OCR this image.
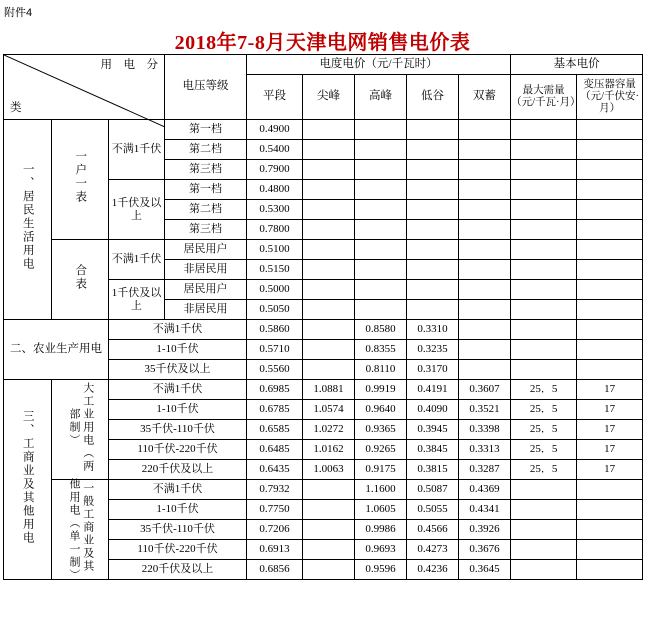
附件4
2018年7-8月天津电网销售电价表
用　电　分
类			电压等级	电度电价（元/千瓦时）					基本电价	
				平段	尖峰	高峰	低谷	双蓄	最大需量（元/千瓦·月）	变压器容量（元/千伏安·月）
一、居民生活用电	一户一表	不满1千伏	第一档	0.4900						
			第二档	0.5400						
			第三档	0.7900						
		1千伏及以上	第一档	0.4800						
			第二档	0.5300						
			第三档	0.7800						
	合表	不满1千伏	居民用户	0.5100						
			非居民用	0.5150						
		1千伏及以上	居民用户	0.5000						
			非居民用	0.5050						
二、农业生产用电		不满1千伏		0.5860		0.8580	0.3310			
		1-10千伏		0.5710		0.8355	0.3235			
		35千伏及以上		0.5560		0.8110	0.3170			
三、工商业及其他用电	大工业用电（两部制）	不满1千伏		0.6985	1.0881	0.9919	0.4191	0.3607	25．5	17
		1-10千伏		0.6785	1.0574	0.9640	0.4090	0.3521	25．5	17
		35千伏-110千伏		0.6585	1.0272	0.9365	0.3945	0.3398	25．5	17
		110千伏-220千伏		0.6485	1.0162	0.9265	0.3845	0.3313	25．5	17
		220千伏及以上		0.6435	1.0063	0.9175	0.3815	0.3287	25．5	17
	一般工商业及其他用电（单一制）	不满1千伏		0.7932		1.1600	0.5087	0.4369		
		1-10千伏		0.7750		1.0605	0.5055	0.4341		
		35千伏-110千伏		0.7206		0.9986	0.4566	0.3926		
		110千伏-220千伏		0.6913		0.9693	0.4273	0.3676		
		220千伏及以上		0.6856		0.9596	0.4236	0.3645		
